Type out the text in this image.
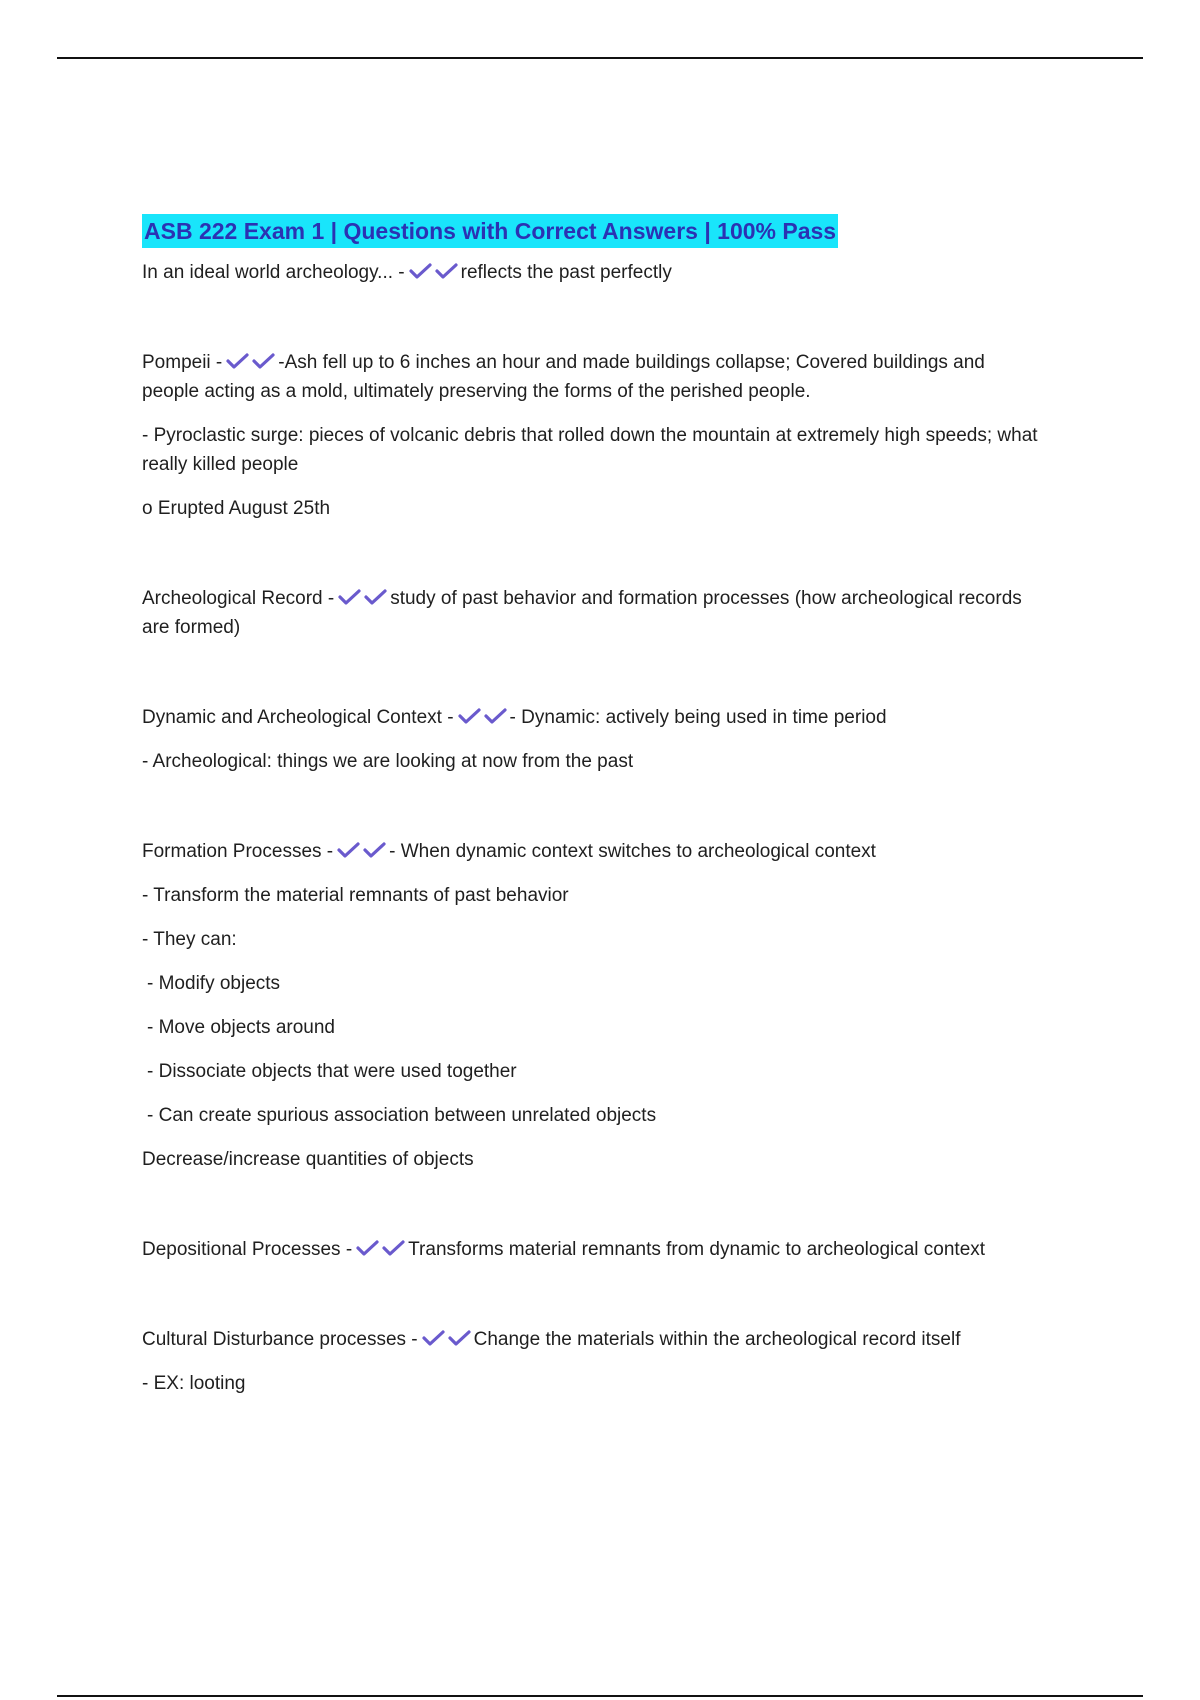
ASB 222 Exam 1 | Questions with Correct Answers | 100% Pass

In an ideal world archeology... -	reflects the past perfectly

Pompeii -	-Ash fell up to 6 inches an hour and made buildings collapse; Covered buildings and people acting as a mold, ultimately preserving the forms of the perished people.

- Pyroclastic surge: pieces of volcanic debris that rolled down the mountain at extremely high speeds; what really killed people

o Erupted August 25th

Archeological Record -	study of past behavior and formation processes (how archeological records are formed)

Dynamic and Archeological Context -	- Dynamic: actively being used in time period

- Archeological: things we are looking at now from the past

Formation Processes -	- When dynamic context switches to archeological context

- Transform the material remnants of past behavior

- They can:

- Modify objects

- Move objects around

- Dissociate objects that were used together

- Can create spurious association between unrelated objects

Decrease/increase quantities of objects

Depositional Processes -	Transforms material remnants from dynamic to archeological context

Cultural Disturbance processes -	Change the materials within the archeological record itself

- EX: looting
